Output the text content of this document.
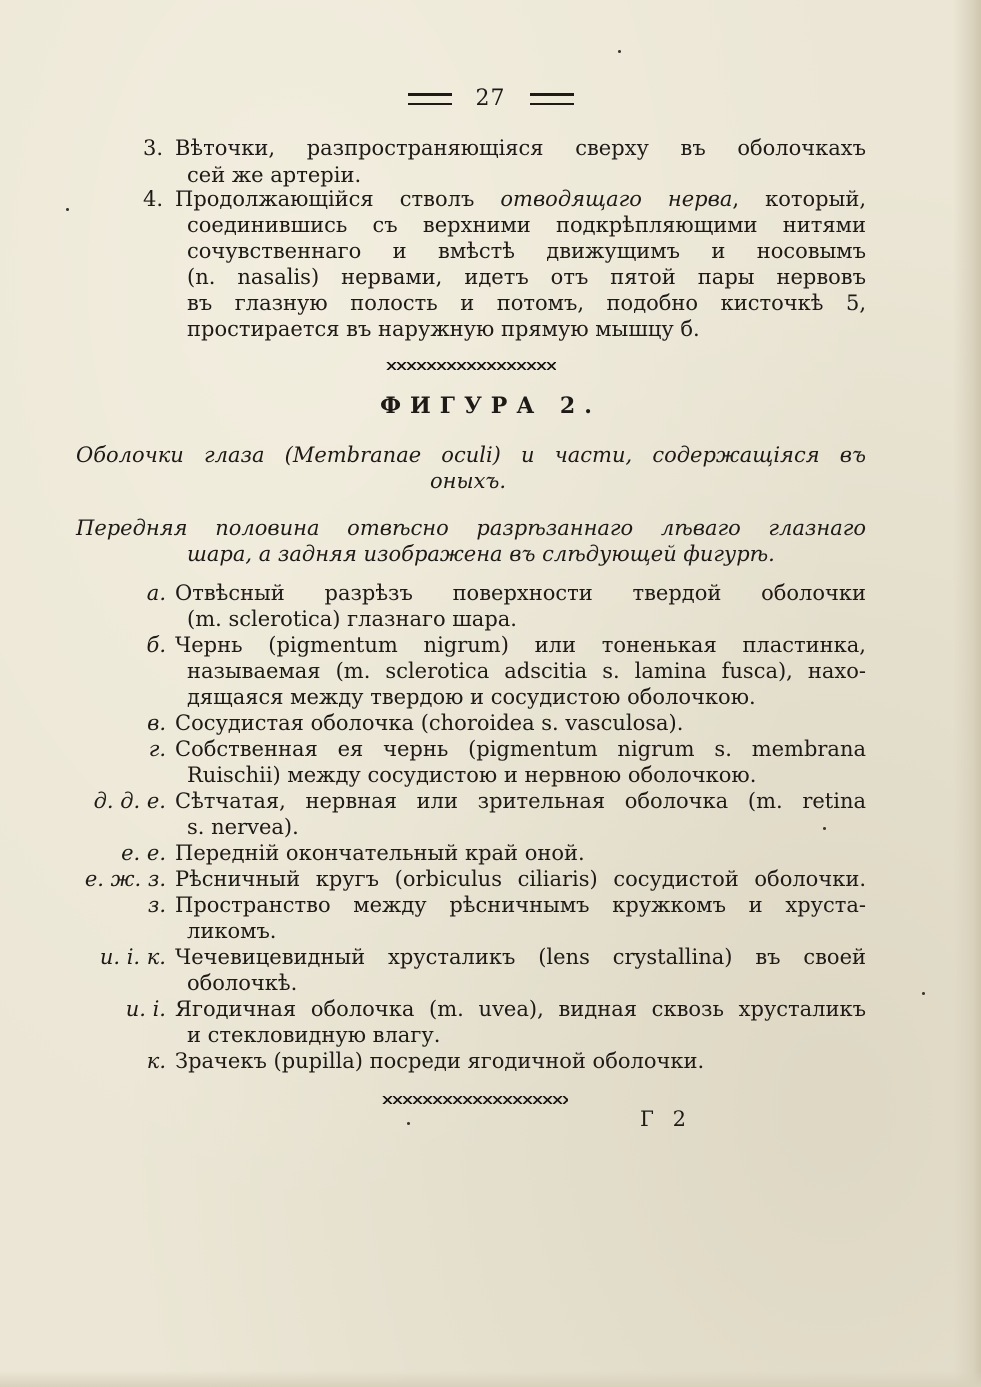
27
3. Вѣточки, разпространяющіяся сверху въ оболочкахъ
сей же артеріи.
4. Продолжающійся стволъ отводящаго нерва, который,
соединившись съ верхними подкрѣпляющими нитями
сочувственнаго и вмѣстѣ движущимъ и носовымъ
(n. nasalis) нервами, идетъ отъ пятой пары нервовъ
въ глазную полость и потомъ, подобно кисточкѣ 5,
простирается въ наружную прямую мышцу б.
ФИГУРА 2.
Оболочки глаза (Membranae oculi) и части, содержащіяся въ
оныхъ.
Передняя половина отвѣсно разрѣзаннаго лѣваго глазнаго
шара, а задняя изображена въ слѣдующей фигурѣ.
а. Отвѣсный разрѣзъ поверхности твердой оболочки
(m. sclerotica) глазнаго шара.
б. Чернь (pigmentum nigrum) или тоненькая пластинка,
называемая (m. sclerotica adscitia s. lamina fusca), нахо-
дящаяся между твердою и сосудистою оболочкою.
в. Сосудистая оболочка (choroidea s. vasculosa).
г. Собственная ея чернь (pigmentum nigrum s. membrana
Ruischii) между сосудистою и нервною оболочкою.
д. д. е. Сѣтчатая, нервная или зрительная оболочка (m. retina
s. nervea).
е. е. Передній окончательный край оной.
е. ж. з. Рѣсничный кругъ (orbiculus ciliaris) сосудистой оболочки.
з. Пространство между рѣсничнымъ кружкомъ и хруста-
ликомъ.
и. і. к. Чечевицевидный хрусталикъ (lens crystallina) въ своей
оболочкѣ.
и. і. Ягодичная оболочка (m. uvea), видная сквозь хрусталикъ
и стекловидную влагу.
к. Зрачекъ (pupilla) посреди ягодичной оболочки.
Г 2
